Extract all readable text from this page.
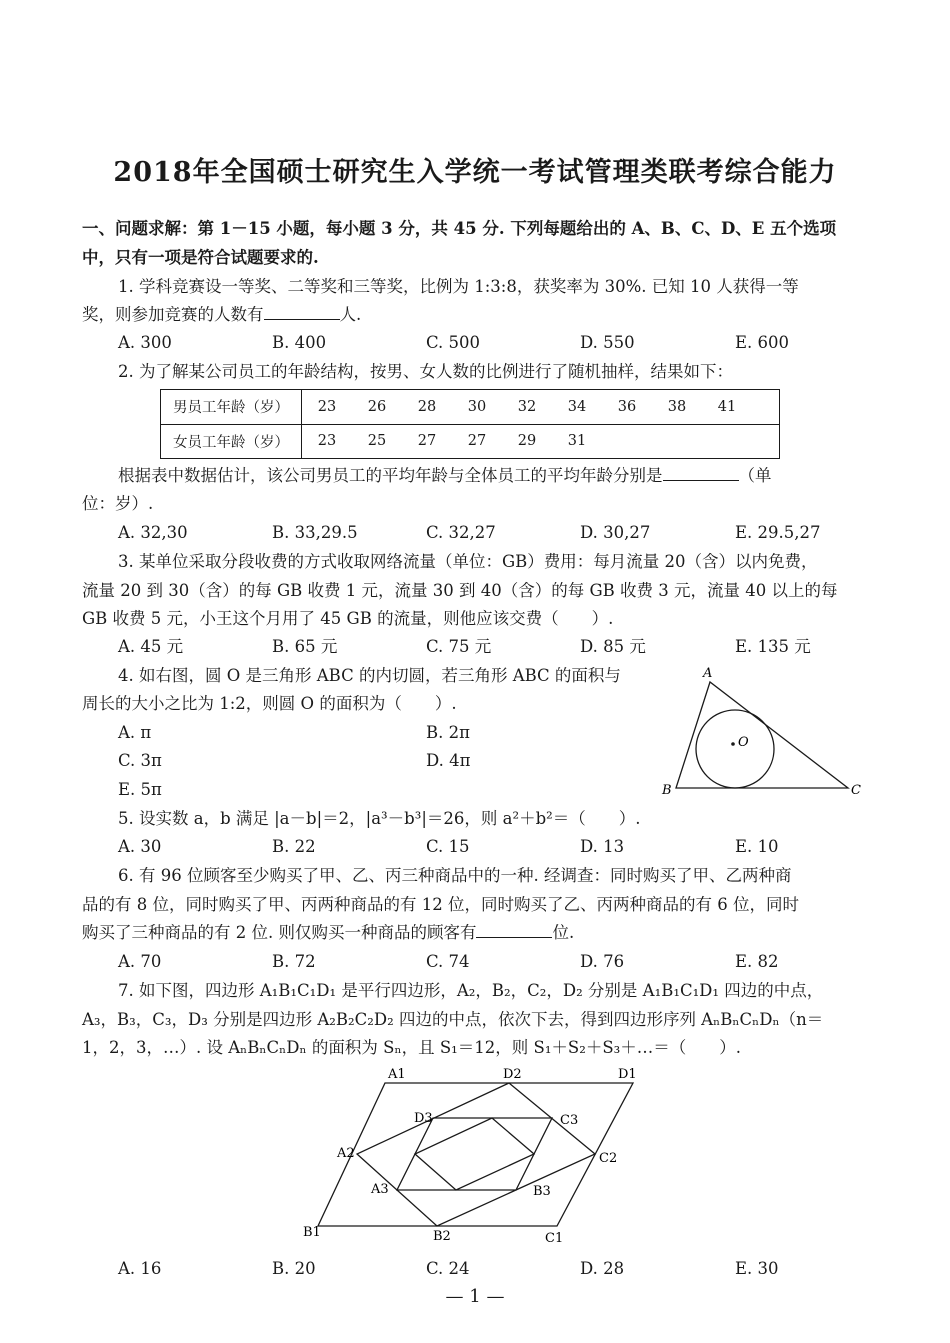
2018年全国硕士研究生入学统一考试管理类联考综合能力
一、问题求解：第 1－15 小题，每小题 3 分，共 45 分. 下列每题给出的 A、B、C、D、E 五个选项
中，只有一项是符合试题要求的.
1. 学科竞赛设一等奖、二等奖和三等奖，比例为 1:3:8，获奖率为 30%. 已知 10 人获得一等
奖，则参加竞赛的人数有	人.
A. 300	B. 400	C. 500	D. 550	E. 600
2. 为了解某公司员工的年龄结构，按男、女人数的比例进行了随机抽样，结果如下：
男员工年龄（岁）	23 26 28 30 32 34 36 38 41
女员工年龄（岁）	23 25 27 27 29 31
根据表中数据估计，该公司男员工的平均年龄与全体员工的平均年龄分别是	（单
位：岁）.
A. 32,30	B. 33,29.5	C. 32,27	D. 30,27	E. 29.5,27
3. 某单位采取分段收费的方式收取网络流量（单位：GB）费用：每月流量 20（含）以内免费，
流量 20 到 30（含）的每 GB 收费 1 元，流量 30 到 40（含）的每 GB 收费 3 元，流量 40 以上的每
GB 收费 5 元，小王这个月用了 45 GB 的流量，则他应该交费（　　）.
A. 45 元	B. 65 元	C. 75 元	D. 85 元	E. 135 元
4. 如右图，圆 O 是三角形 ABC 的内切圆，若三角形 ABC 的面积与
周长的大小之比为 1:2，则圆 O 的面积为（　　）.
A. π	B. 2π
C. 3π	D. 4π
E. 5π
A
B	C
O
5. 设实数 a，b 满足 |a－b|＝2，|a³－b³|＝26，则 a²＋b²＝（　　）.
A. 30	B. 22	C. 15	D. 13	E. 10
6. 有 96 位顾客至少购买了甲、乙、丙三种商品中的一种. 经调查：同时购买了甲、乙两种商
品的有 8 位，同时购买了甲、丙两种商品的有 12 位，同时购买了乙、丙两种商品的有 6 位，同时
购买了三种商品的有 2 位. 则仅购买一种商品的顾客有	位.
A. 70	B. 72	C. 74	D. 76	E. 82
7. 如下图，四边形 A₁B₁C₁D₁ 是平行四边形，A₂，B₂，C₂，D₂ 分别是 A₁B₁C₁D₁ 四边的中点，
A₃，B₃，C₃，D₃ 分别是四边形 A₂B₂C₂D₂ 四边的中点，依次下去，得到四边形序列 AₙBₙCₙDₙ（n＝
1，2，3，…）. 设 AₙBₙCₙDₙ 的面积为 Sₙ，且 S₁＝12，则 S₁＋S₂＋S₃＋…＝（　　）.
A1	D2	D1
D3	C3
A2	C2
A3	B3
B1	B2	C1
A. 16	B. 20	C. 24	D. 28	E. 30
— 1 —
